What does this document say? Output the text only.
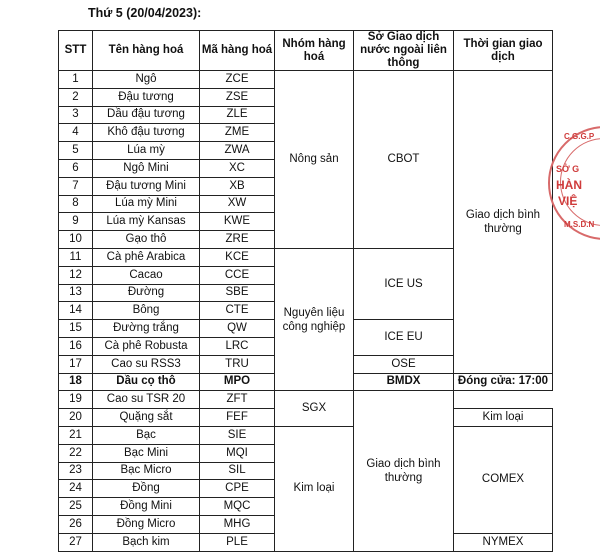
Thứ 5 (20/04/2023):
STT	Tên hàng hoá	Mã hàng hoá	Nhóm hàng hoá	Sở Giao dịch nước ngoài liên thông	Thời gian giao dịch
1	Ngô	ZCE	Nông sản	CBOT	Giao dịch bình thường
2	Đậu tương	ZSE			
3	Dầu đậu tương	ZLE			
4	Khô đậu tương	ZME			
5	Lúa mỳ	ZWA			
6	Ngô Mini	XC			
7	Đậu tương Mini	XB			
8	Lúa mỳ Mini	XW			
9	Lúa mỳ Kansas	KWE			
10	Gạo thô	ZRE			
11	Cà phê Arabica	KCE	Nguyên liệu công nghiệp	ICE US	
12	Cacao	CCE			
13	Đường	SBE			
14	Bông	CTE			
15	Đường trắng	QW		ICE EU	
16	Cà phê Robusta	LRC			
17	Cao su RSS3	TRU		OSE	
18	Dầu cọ thô	MPO		BMDX	Đóng cửa: 17:00
19	Cao su TSR 20	ZFT	SGX	Giao dịch bình thường	
20	Quặng sắt	FEF			Kim loại
21	Bạc	SIE	Kim loại		COMEX
22	Bạc Mini	MQI			
23	Bạc Micro	SIL			
24	Đồng	CPE			
25	Đồng Mini	MQC			
26	Đồng Micro	MHG			
27	Bạch kim	PLE			NYMEX
C.G.G.P
SỞ G
HÀN
VIỆ
M.S.D.N
